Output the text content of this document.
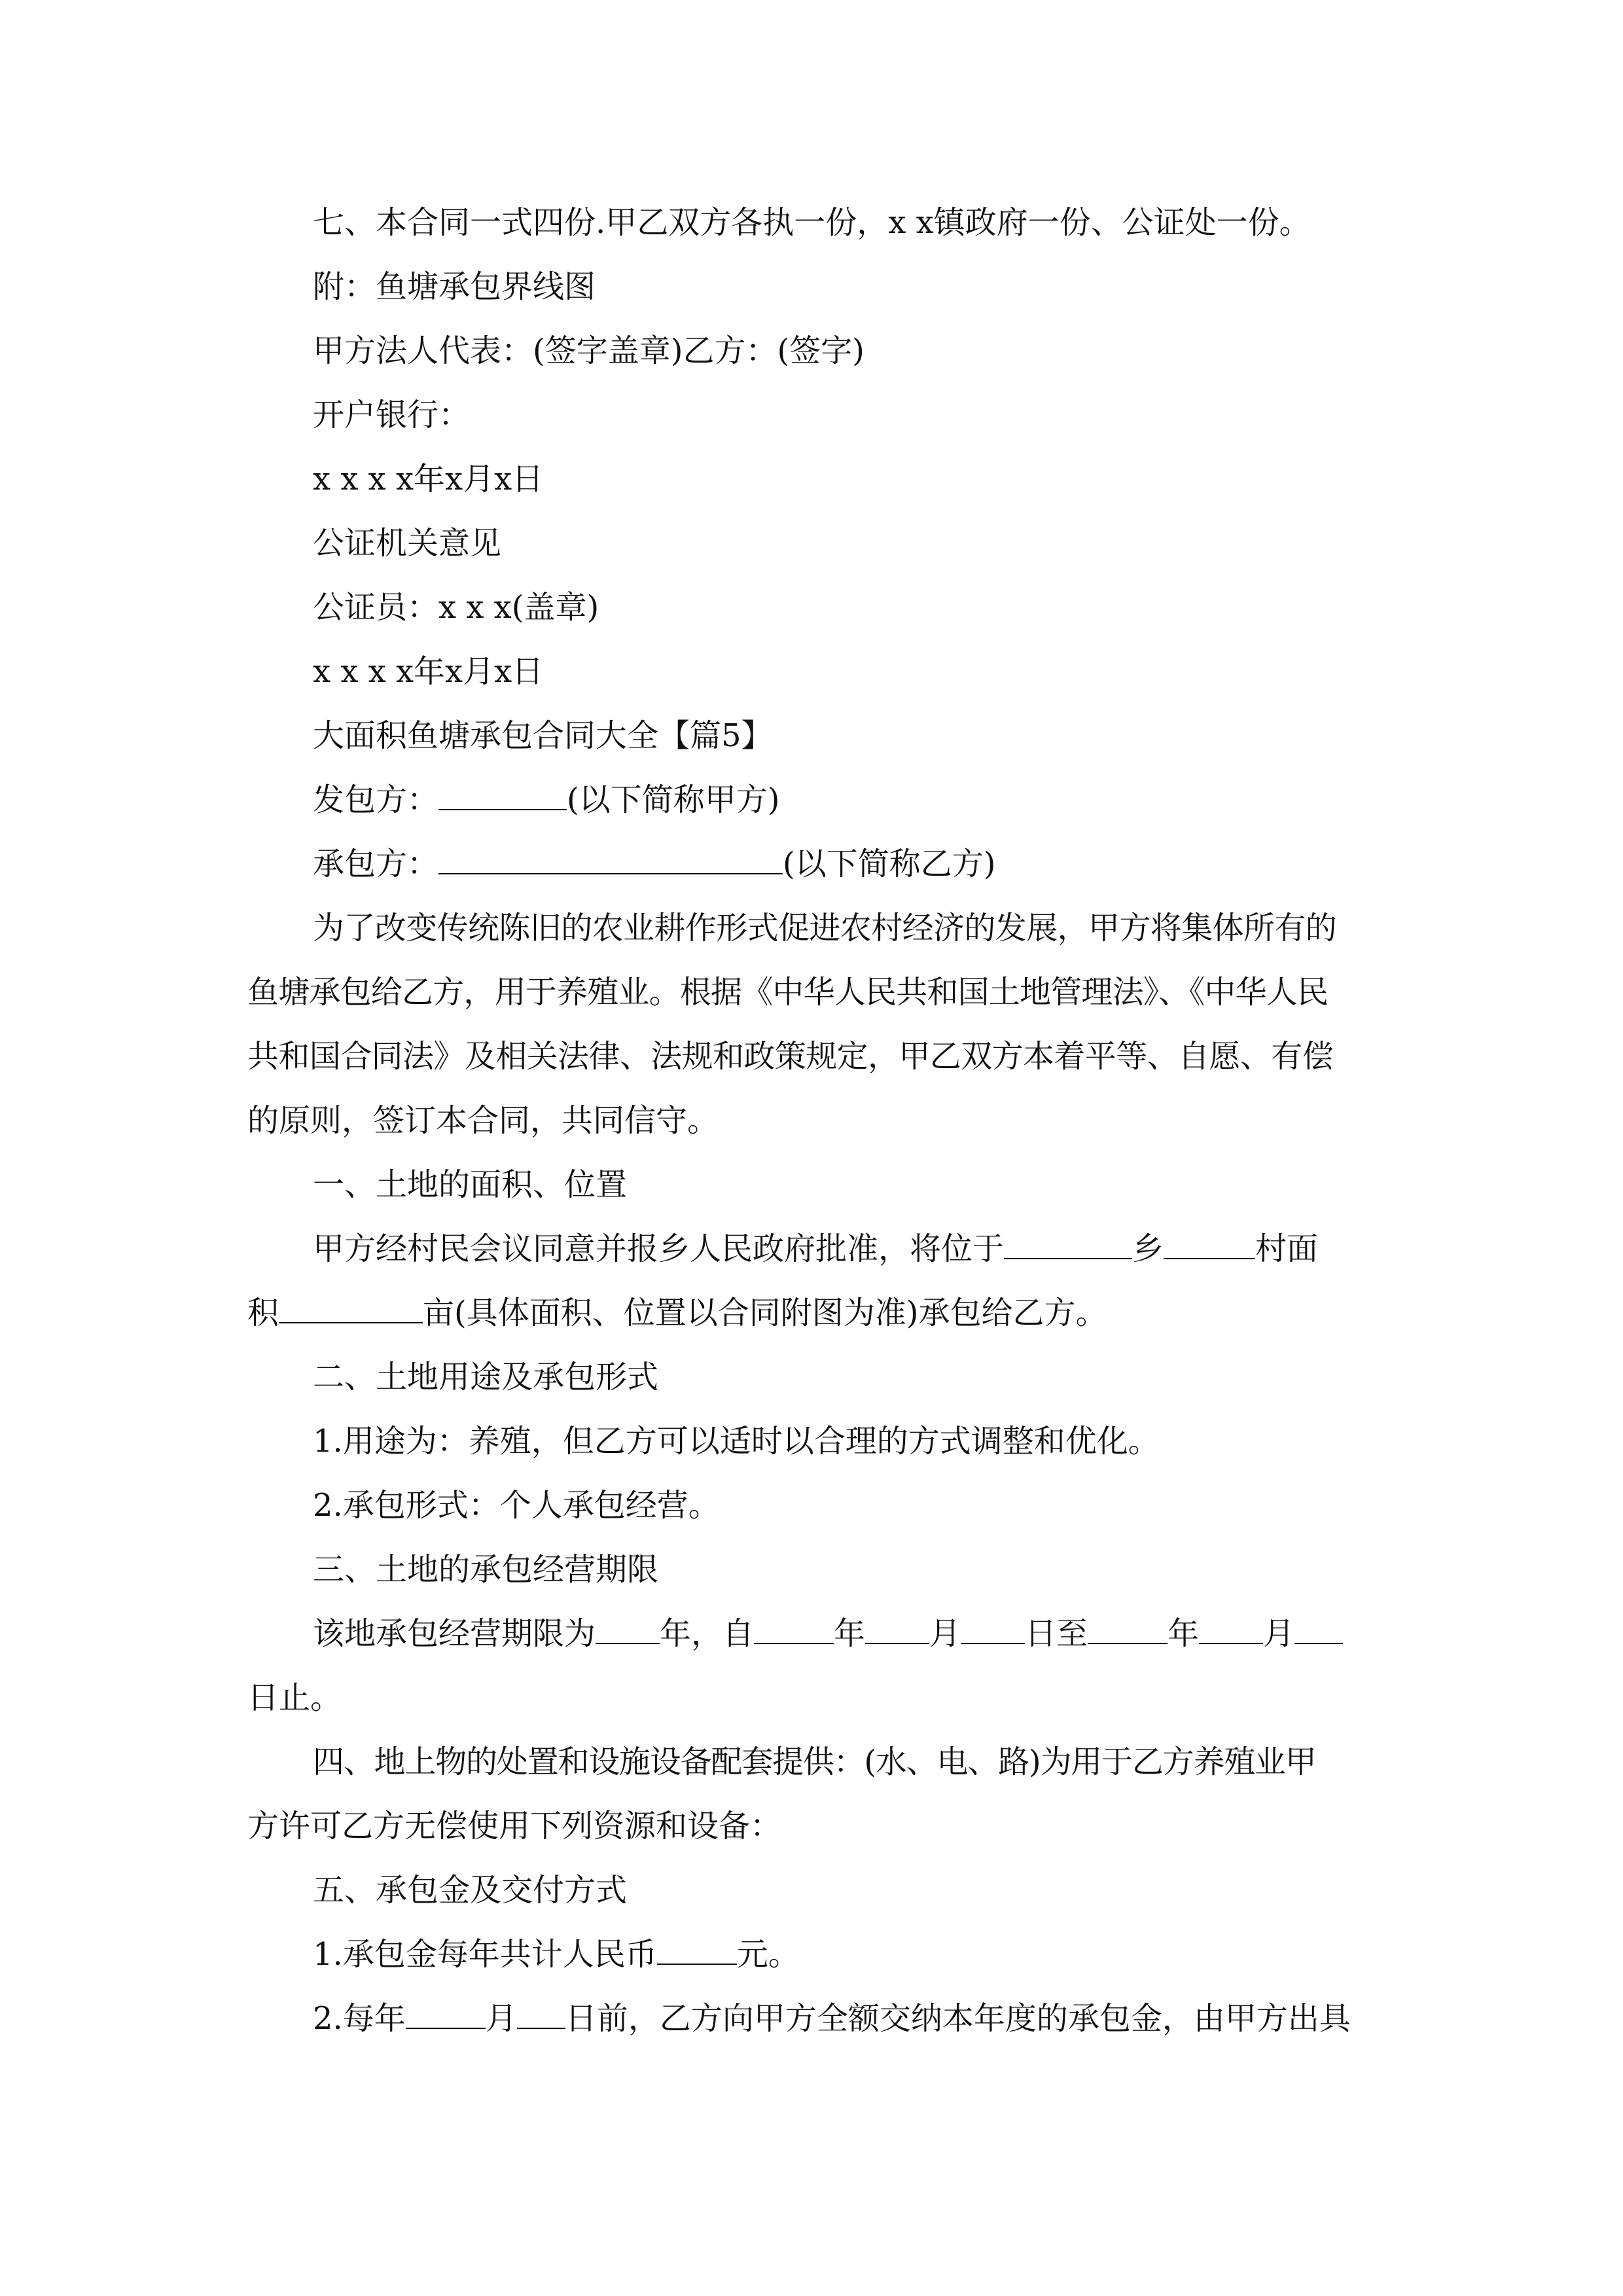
七、本合同一式四份.甲乙双方各执一份，x x镇政府一份、公证处一份。
附：鱼塘承包界线图
甲方法人代表：(签字盖章)乙方：(签字)
开户银行：
x x x x年x月x日
公证机关意见
公证员：x x x(盖章)
x x x x年x月x日
大面积鱼塘承包合同大全【篇5】
发包方：	(以下简称甲方)
承包方：	(以下简称乙方)
为了改变传统陈旧的农业耕作形式促进农村经济的发展，甲方将集体所有的
鱼塘承包给乙方，用于养殖业。根据《中华人民共和国土地管理法》、《中华人民
共和国合同法》及相关法律、法规和政策规定，甲乙双方本着平等、自愿、有偿
的原则，签订本合同，共同信守。
一、土地的面积、位置
甲方经村民会议同意并报乡人民政府批准，将位于	乡	村面
积	亩(具体面积、位置以合同附图为准)承包给乙方。
二、土地用途及承包形式
1.用途为：养殖，但乙方可以适时以合理的方式调整和优化。
2.承包形式：个人承包经营。
三、土地的承包经营期限
该地承包经营期限为 年，自	年 月 日至	年 月
日止。
四、地上物的处置和设施设备配套提供：(水、电、路)为用于乙方养殖业甲
方许可乙方无偿使用下列资源和设备：
五、承包金及交付方式
1.承包金每年共计人民币	元。
2.每年	月 日前，乙方向甲方全额交纳本年度的承包金，由甲方出具
